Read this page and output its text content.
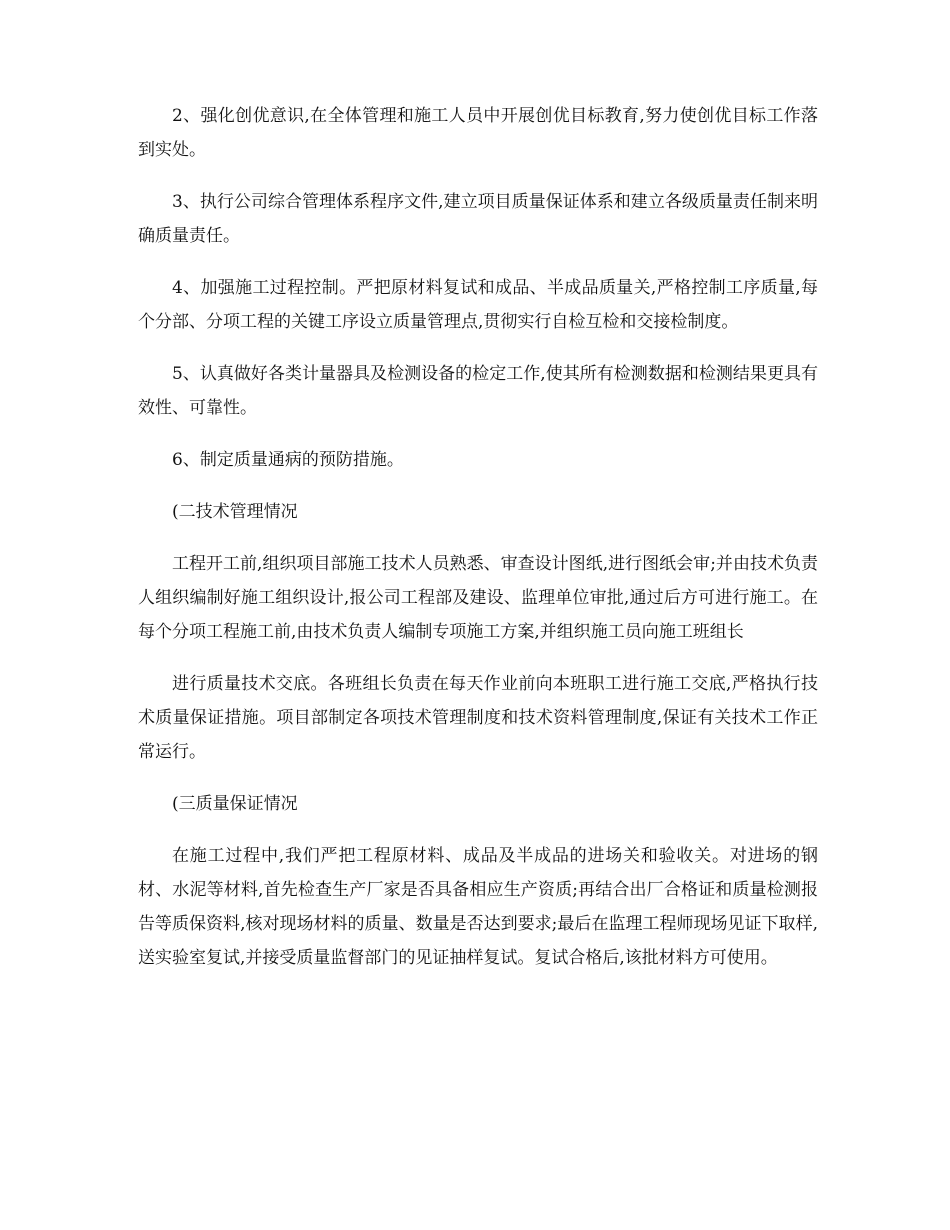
2、强化创优意识,在全体管理和施工人员中开展创优目标教育,努力使创优目标工作落到实处。

3、执行公司综合管理体系程序文件,建立项目质量保证体系和建立各级质量责任制来明确质量责任。

4、加强施工过程控制。严把原材料复试和成品、半成品质量关,严格控制工序质量,每个分部、分项工程的关键工序设立质量管理点,贯彻实行自检互检和交接检制度。

5、认真做好各类计量器具及检测设备的检定工作,使其所有检测数据和检测结果更具有效性、可靠性。

6、制定质量通病的预防措施。

(二技术管理情况

工程开工前,组织项目部施工技术人员熟悉、审查设计图纸,进行图纸会审;并由技术负责人组织编制好施工组织设计,报公司工程部及建设、监理单位审批,通过后方可进行施工。在每个分项工程施工前,由技术负责人编制专项施工方案,并组织施工员向施工班组长

进行质量技术交底。各班组长负责在每天作业前向本班职工进行施工交底,严格执行技术质量保证措施。项目部制定各项技术管理制度和技术资料管理制度,保证有关技术工作正常运行。

(三质量保证情况

在施工过程中,我们严把工程原材料、成品及半成品的进场关和验收关。对进场的钢材、水泥等材料,首先检查生产厂家是否具备相应生产资质;再结合出厂合格证和质量检测报告等质保资料,核对现场材料的质量、数量是否达到要求;最后在监理工程师现场见证下取样,送实验室复试,并接受质量监督部门的见证抽样复试。复试合格后,该批材料方可使用。
